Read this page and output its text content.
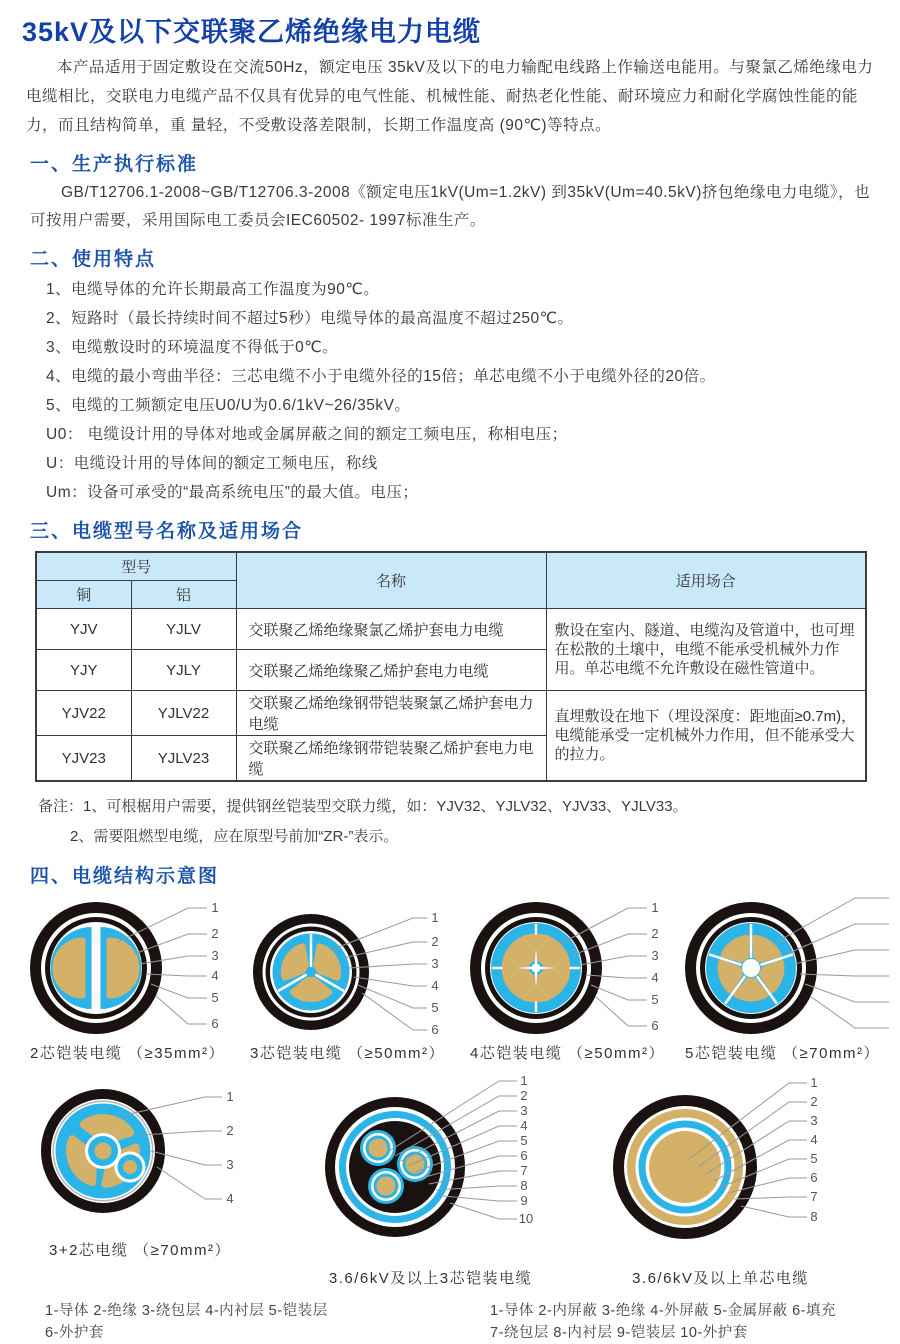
35kV及以下交联聚乙烯绝缘电力电缆
本产品适用于固定敷设在交流50Hz，额定电压 35kV及以下的电力输配电线路上作输送电能用。与聚氯乙烯绝缘电力电缆相比，交联电力电缆产品不仅具有优异的电气性能、机械性能、耐热老化性能、耐环境应力和耐化学腐蚀性能的能力，而且结构简单，重 量轻，不受敷设落差限制，长期工作温度高 (90℃)等特点。
一、生产执行标准
GB/T12706.1-2008~GB/T12706.3-2008《额定电压1kV(Um=1.2kV) 到35kV(Um=40.5kV)挤包绝缘电力电缆》，也可按用户需要，采用国际电工委员会IEC60502- 1997标准生产。
二、使用特点
1、电缆导体的允许长期最高工作温度为90℃。
2、短路时（最长持续时间不超过5秒）电缆导体的最高温度不超过250℃。
3、电缆敷设时的环境温度不得低于0℃。
4、电缆的最小弯曲半径：三芯电缆不小于电缆外径的15倍；单芯电缆不小于电缆外径的20倍。
5、电缆的工频额定电压U0/U为0.6/1kV~26/35kV。
U0： 电缆设计用的导体对地或金属屏蔽之间的额定工频电压，称相电压；
U：电缆设计用的导体间的额定工频电压，称线
Um：设备可承受的“最高系统电压”的最大值。电压；
三、电缆型号名称及适用场合
型号		名称	适用场合
铜	铝		
YJV	YJLV	交联聚乙烯绝缘聚氯乙烯护套电力电缆	敷设在室内、隧道、电缆沟及管道中，也可埋在松散的土壤中，电缆不能承受机械外力作用。单芯电缆不允许敷设在磁性管道中。
YJY	YJLY	交联聚乙烯绝缘聚乙烯护套电力电缆	
YJV22	YJLV22	交联聚乙烯绝缘钢带铠装聚氯乙烯护套电力电缆	直埋敷设在地下（埋设深度：距地面≥0.7m)，电缆能承受一定机械外力作用，但不能承受大的拉力。
YJV23	YJLV23	交联聚乙烯绝缘钢带铠装聚乙烯护套电力电缆	
备注：1、可根椐用户需要，提供钢丝铠装型交联力缆，如：YJV32、YJLV32、YJV33、YJLV33。
2、需要阻燃型电缆，应在原型号前加“ZR-”表示。
四、电缆结构示意图
1
2
3
4
5
6
2芯铠装电缆 （≥35mm²）
1
2
3
4
5
6
3芯铠装电缆 （≥50mm²）
1
2
3
4
5
6
4芯铠装电缆 （≥50mm²） 5芯铠装电缆 （≥70mm²）
1
2
3
4
3+2芯电缆 （≥70mm²）
1
2
3
4
5
6
7
8
9
10
3.6/6kV及以上3芯铠装电缆
1
2
3
4
5
6
7
8
3.6/6kV及以上单芯电缆
1-导体 2-绝缘 3-绕包层 4-内衬层 5-铠装层
6-外护套
1-导体 2-内屏蔽 3-绝缘 4-外屏蔽 5-金属屏蔽 6-填充
7-绕包层 8-内衬层 9-铠装层 10-外护套
